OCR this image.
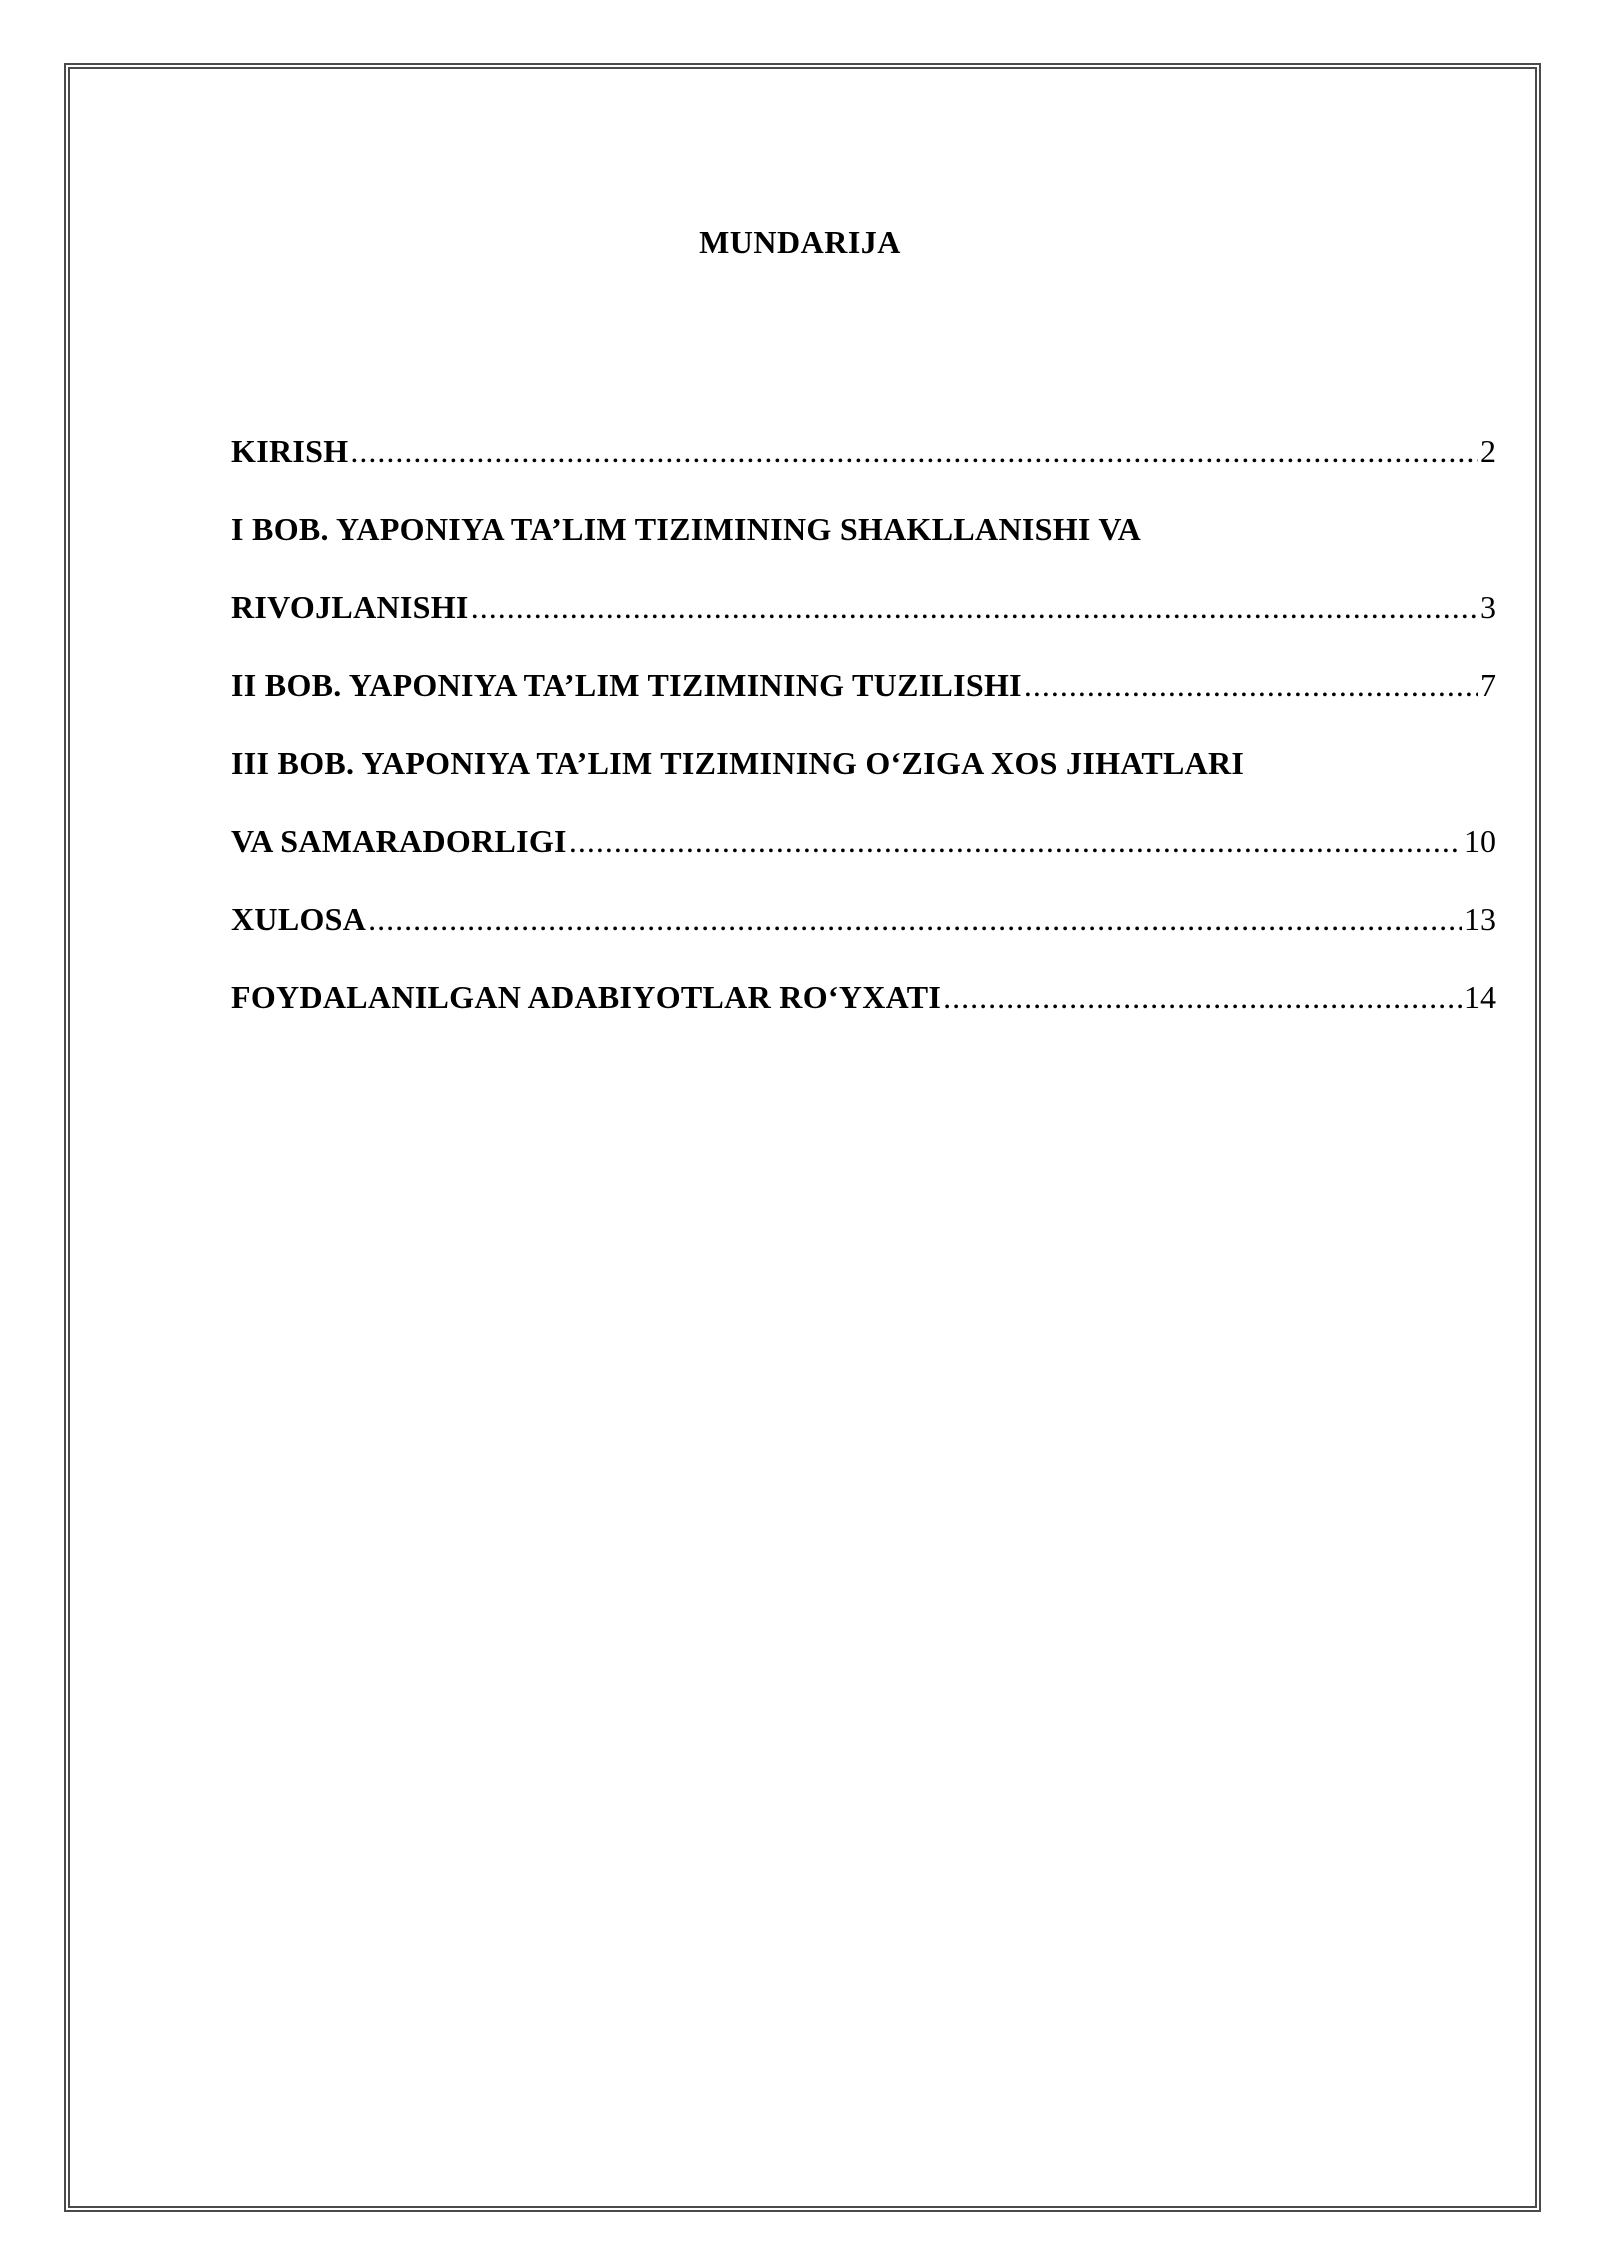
MUNDARIJA
KIRISH .....	2
I BOB. YAPONIYA TA’LIM TIZIMINING SHAKLLANISHI VA
RIVOJLANISHI .....	3
II BOB. YAPONIYA TA’LIM TIZIMINING TUZILISHI .....	7
III BOB. YAPONIYA TA’LIM TIZIMINING O‘ZIGA XOS JIHATLARI
VA SAMARADORLIGI .....	10
XULOSA .....	13
FOYDALANILGAN ADABIYOTLAR RO‘YXATI .....	14
